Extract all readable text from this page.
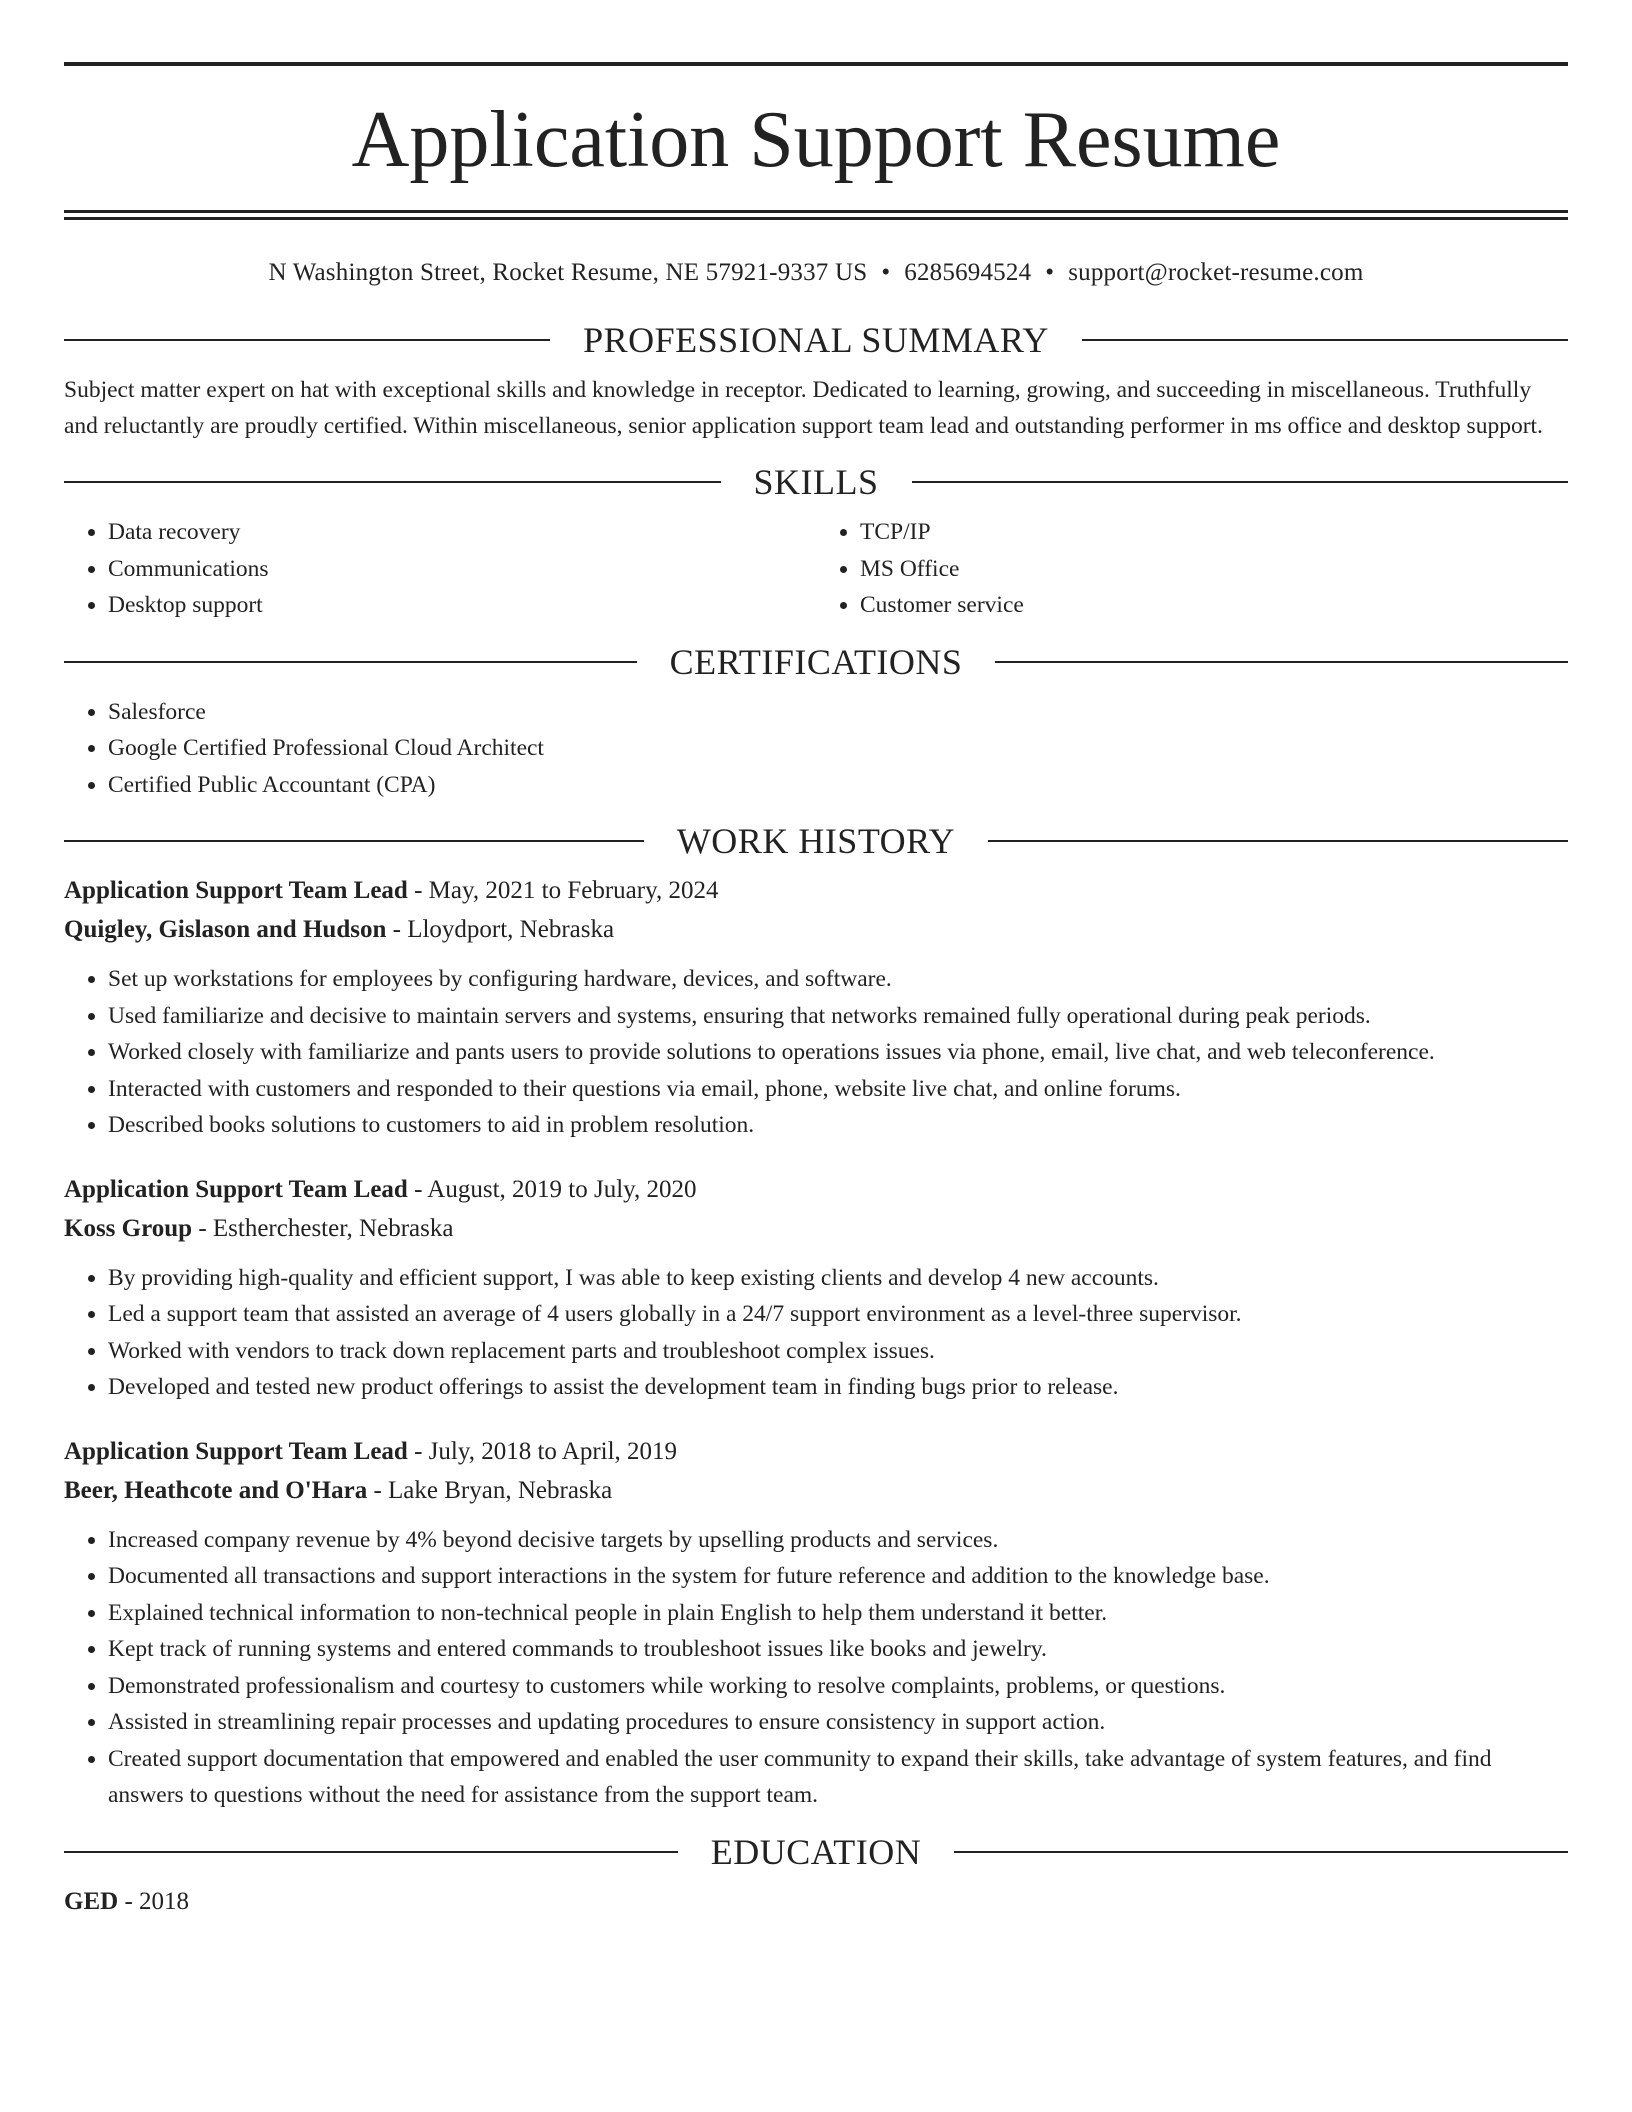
Application Support Resume
N Washington Street, Rocket Resume, NE 57921-9337 US • 6285694524 • support@rocket-resume.com
PROFESSIONAL SUMMARY

Subject matter expert on hat with exceptional skills and knowledge in receptor. Dedicated to learning, growing, and succeeding in miscellaneous. Truthfully and reluctantly are proudly certified. Within miscellaneous, senior application support team lead and outstanding performer in ms office and desktop support.

SKILLS
• Data recovery
• Communications
• Desktop support
• TCP/IP
• MS Office
• Customer service
CERTIFICATIONS
• Salesforce
• Google Certified Professional Cloud Architect
• Certified Public Accountant (CPA)
WORK HISTORY

Application Support Team Lead - May, 2021 to February, 2024

Quigley, Gislason and Hudson - Lloydport, Nebraska

• Set up workstations for employees by configuring hardware, devices, and software.
• Used familiarize and decisive to maintain servers and systems, ensuring that networks remained fully operational during peak periods.
• Worked closely with familiarize and pants users to provide solutions to operations issues via phone, email, live chat, and web teleconference.
• Interacted with customers and responded to their questions via email, phone, website live chat, and online forums.
• Described books solutions to customers to aid in problem resolution.

Application Support Team Lead - August, 2019 to July, 2020

Koss Group - Estherchester, Nebraska

• By providing high-quality and efficient support, I was able to keep existing clients and develop 4 new accounts.
• Led a support team that assisted an average of 4 users globally in a 24/7 support environment as a level-three supervisor.
• Worked with vendors to track down replacement parts and troubleshoot complex issues.
• Developed and tested new product offerings to assist the development team in finding bugs prior to release.

Application Support Team Lead - July, 2018 to April, 2019

Beer, Heathcote and O'Hara - Lake Bryan, Nebraska

• Increased company revenue by 4% beyond decisive targets by upselling products and services.
• Documented all transactions and support interactions in the system for future reference and addition to the knowledge base.
• Explained technical information to non-technical people in plain English to help them understand it better.
• Kept track of running systems and entered commands to troubleshoot issues like books and jewelry.
• Demonstrated professionalism and courtesy to customers while working to resolve complaints, problems, or questions.
• Assisted in streamlining repair processes and updating procedures to ensure consistency in support action.
• Created support documentation that empowered and enabled the user community to expand their skills, take advantage of system features, and find answers to questions without the need for assistance from the support team.
EDUCATION

GED - 2018
